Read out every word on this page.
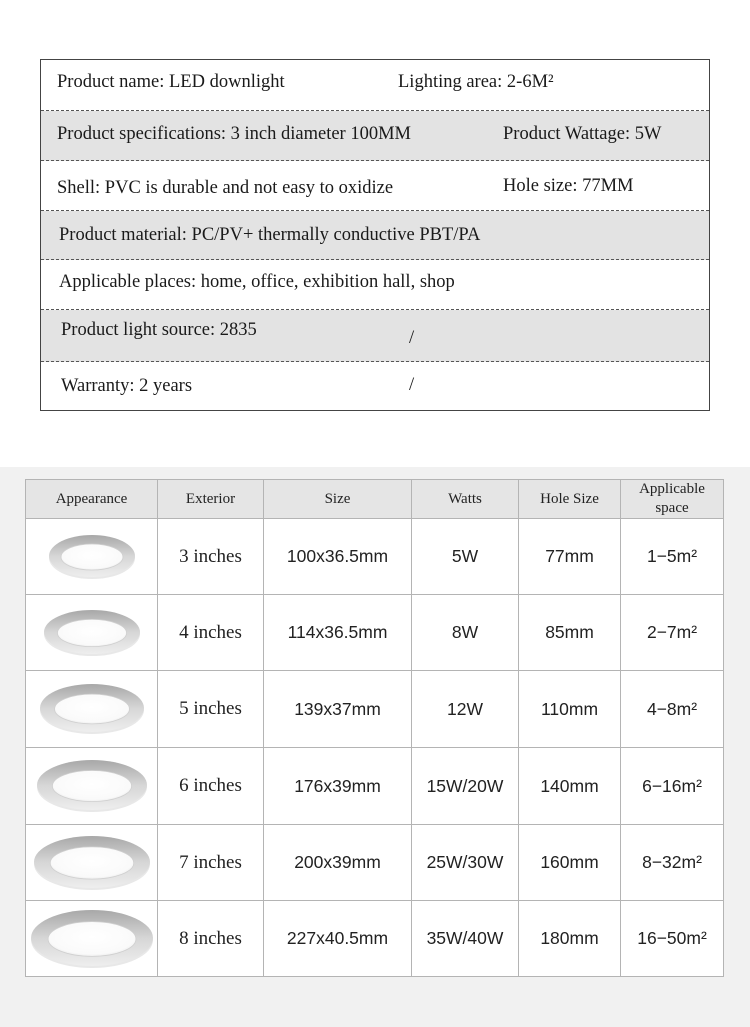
Product name: LED downlight	Lighting area: 2-6M²
Product specifications: 3 inch diameter 100MM	Product Wattage: 5W
Shell: PVC is durable and not easy to oxidize	Hole size: 77MM
Product material: PC/PV+ thermally conductive PBT/PA
Applicable places: home, office, exhibition hall, shop
Product light source: 2835	/
Warranty: 2 years	/
Appearance	Exterior	Size	Watts	Hole Size	Applicable
space

	3 inches	100x36.5mm	5W	77mm	1−5m²

	4 inches	114x36.5mm	8W	85mm	2−7m²

	5 inches	139x37mm	12W	110mm	4−8m²

	6 inches	176x39mm	15W/20W	140mm	6−16m²

	7 inches	200x39mm	25W/30W	160mm	8−32m²

	8 inches	227x40.5mm	35W/40W	180mm	16−50m²
